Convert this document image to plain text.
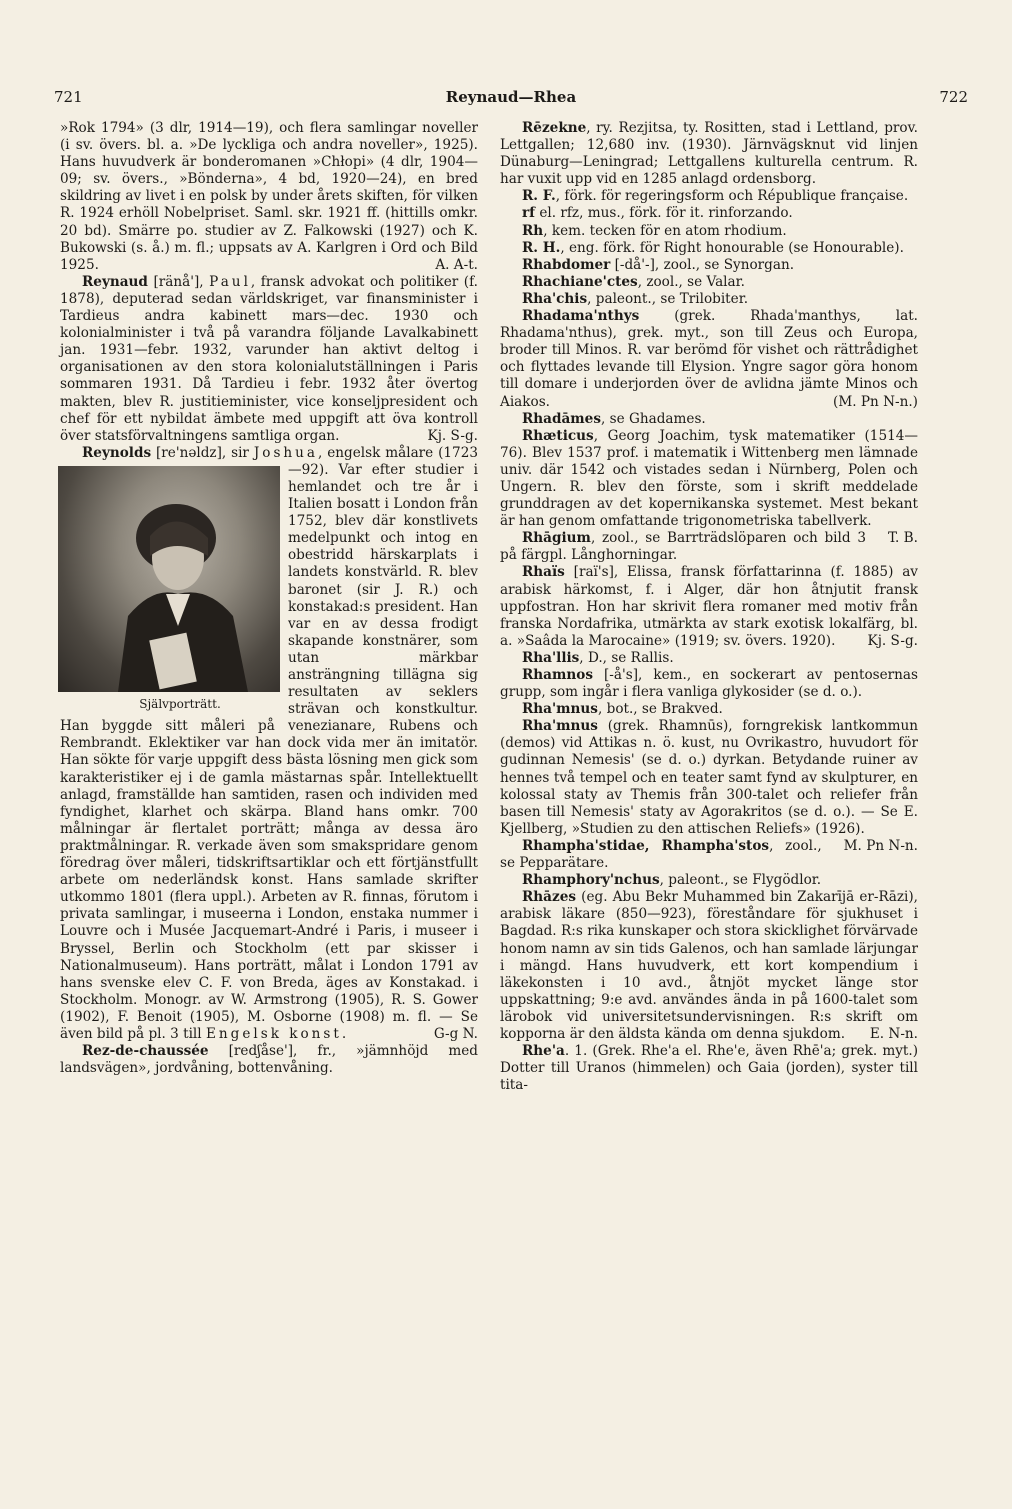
721	Reynaud—Rhea	722

»Rok 1794» (3 dlr, 1914—19), och flera samlingar noveller (i sv. övers. bl. a. »De lyckliga och andra noveller», 1925). Hans huvudverk är bonderomanen »Chłopi» (4 dlr, 1904—09; sv. övers., »Bönderna», 4 bd, 1920—24), en bred skildring av livet i en polsk by under årets skiften, för vilken R. 1924 erhöll Nobelpriset. Saml. skr. 1921 ff. (hittills omkr. 20 bd). Smärre po. studier av Z. Falkowski (1927) och K. Bukowski (s. å.) m. fl.; uppsats av A. Karlgren i Ord och Bild 1925.	A. A-t.

Reynaud [ränå'], Paul, fransk advokat och politiker (f. 1878), deputerad sedan världskriget, var finansminister i Tardieus andra kabinett mars—dec. 1930 och kolonialminister i två på varandra följande Lavalkabinett jan. 1931—febr. 1932, varunder han aktivt deltog i organisationen av den stora kolonialutställningen i Paris sommaren 1931. Då Tardieu i febr. 1932 åter övertog makten, blev R. justitieminister, vice konseljpresident och chef för ett nybildat ämbete med uppgift att öva kontroll över statsförvaltningens samtliga organ.	Kj. S-g.

Reynolds [re'nəldz], sir Joshua
Självporträtt.
, engelsk målare (1723—92). Var efter studier i hemlandet och tre år i Italien bosatt i London från 1752, blev där konstlivets medelpunkt och intog en obestridd härskarplats i landets konstvärld. R. blev baronet (sir J. R.) och konstakad:s president. Han var en av dessa frodigt skapande konstnärer, som utan märkbar ansträngning tillägna sig resultaten av seklers strävan och konstkultur. Han byggde sitt måleri på venezianare, Rubens och Rembrandt. Eklektiker var han dock vida mer än imitatör. Han sökte för varje uppgift dess bästa lösning men gick som karakteristiker ej i de gamla mästarnas spår. Intellektuellt anlagd, framställde han samtiden, rasen och individen med fyndighet, klarhet och skärpa. Bland hans omkr. 700 målningar är flertalet porträtt; många av dessa äro praktmålningar. R. verkade även som smakspridare genom föredrag över måleri, tidskriftsartiklar och ett förtjänstfullt arbete om nederländsk konst. Hans samlade skrifter utkommo 1801 (flera uppl.). Arbeten av R. finnas, förutom i privata samlingar, i museerna i London, enstaka nummer i Louvre och i Musée Jacquemart-André i Paris, i museer i Bryssel, Berlin och Stockholm (ett par skisser i Nationalmuseum). Hans porträtt, målat i London 1791 av hans svenske elev C. F. von Breda, äges av Konstakad. i Stockholm. Monogr. av W. Armstrong (1905), R. S. Gower (1902), F. Benoit (1905), M. Osborne (1908) m. fl. — Se även bild på pl. 3 till Engelsk konst.	G-g N.

Rez-de-chaussée [redʃåse'], fr., »jämnhöjd med landsvägen», jordvåning, bottenvåning.

Rēzekne, ry. Rezjitsa, ty. Rositten, stad i Lettland, prov. Lettgallen; 12,680 inv. (1930). Järnvägsknut vid linjen Dünaburg—Leningrad; Lettgallens kulturella centrum. R. har vuxit upp vid en 1285 anlagd ordensborg.

R. F., förk. för regeringsform och République française.

rf el. rfz, mus., förk. för it. rinforzando.

Rh, kem. tecken för en atom rhodium.

R. H., eng. förk. för Right honourable (se Honourable).

Rhabdomer [-då'-], zool., se Synorgan.

Rhachiane'ctes, zool., se Valar.

Rha'chis, paleont., se Trilobiter.

Rhadama'nthys (grek. Rhada'manthys, lat. Rhadama'nthus), grek. myt., son till Zeus och Europa, broder till Minos. R. var berömd för vishet och rättrådighet och flyttades levande till Elysion. Yngre sagor göra honom till domare i underjorden över de avlidna jämte Minos och Aiakos.	(M. Pn N-n.)

Rhadāmes, se Ghadames.

Rhæticus, Georg Joachim, tysk matematiker (1514—76). Blev 1537 prof. i matematik i Wittenberg men lämnade univ. där 1542 och vistades sedan i Nürnberg, Polen och Ungern. R. blev den förste, som i skrift meddelade grunddragen av det kopernikanska systemet. Mest bekant är han genom omfattande trigonometriska tabellverk.
T. B.

Rhāgium, zool., se Barrträdslöparen och bild 3 på färgpl. Långhorningar.

Rhaïs [raï's], Elissa, fransk författarinna (f. 1885) av arabisk härkomst, f. i Alger, där hon åtnjutit fransk uppfostran. Hon har skrivit flera romaner med motiv från franska Nordafrika, utmärkta av stark exotisk lokalfärg, bl. a. »Saâda la Marocaine» (1919; sv. övers. 1920).	Kj. S-g.

Rha'llis, D., se Rallis.

Rhamnos [-å's], kem., en sockerart av pentosernas grupp, som ingår i flera vanliga glykosider (se d. o.).

Rha'mnus, bot., se Brakved.

Rha'mnus (grek. Rhamnūs), forngrekisk lantkommun (demos) vid Attikas n. ö. kust, nu Ovrikastro, huvudort för gudinnan Nemesis' (se d. o.) dyrkan. Betydande ruiner av hennes två tempel och en teater samt fynd av skulpturer, en kolossal staty av Themis från 300-talet och reliefer från basen till Nemesis' staty av Agorakritos (se d. o.). — Se E. Kjellberg, »Studien zu den attischen Reliefs» (1926).
M. Pn N-n.

Rhampha'stidae, Rhampha'stos, zool., se Pepparätare.

Rhamphory'nchus, paleont., se Flygödlor.

Rhāzes (eg. Abu Bekr Muhammed bin Zakarījā er-Rāzi), arabisk läkare (850—923), föreståndare för sjukhuset i Bagdad. R:s rika kunskaper och stora skicklighet förvärvade honom namn av sin tids Galenos, och han samlade lärjungar i mängd. Hans huvudverk, ett kort kompendium i läkekonsten i 10 avd., åtnjöt mycket länge stor uppskattning; 9:e avd. användes ända in på 1600-talet som lärobok vid universitetsundervisningen. R:s skrift om kopporna är den äldsta kända om denna sjukdom.	E. N-n.

Rhe'a. 1. (Grek. Rhe'a el. Rhe'e, även Rhē'a; grek. myt.) Dotter till Uranos (himmelen) och Gaia (jorden), syster till tita-
